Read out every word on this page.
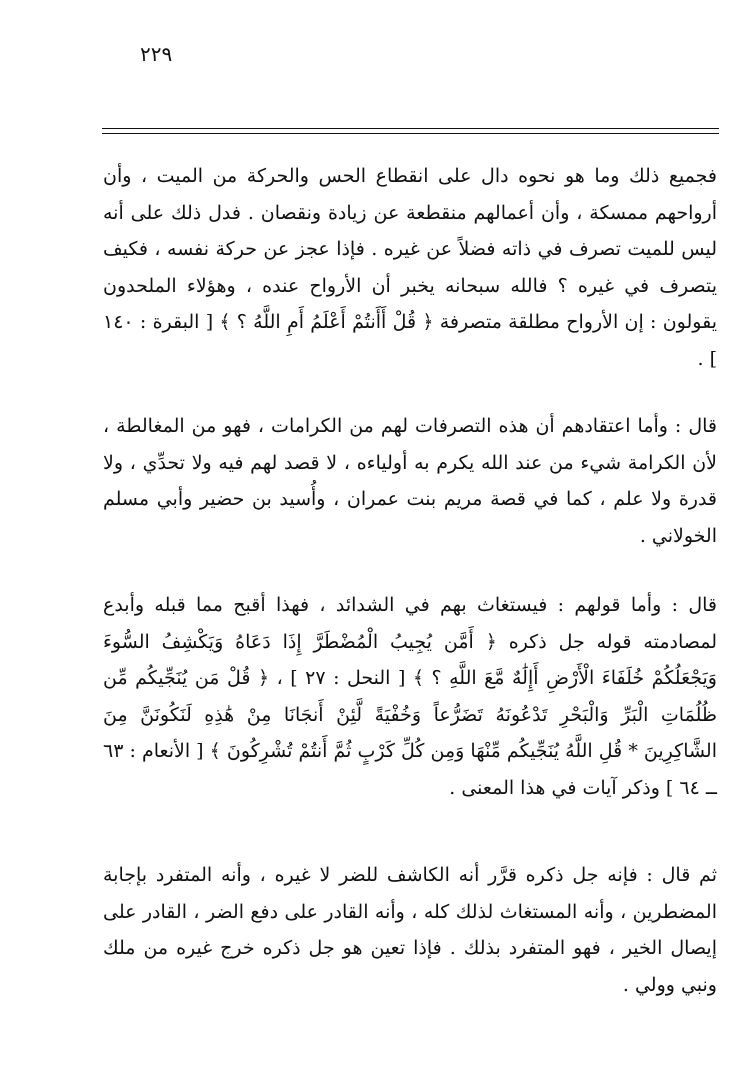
٢٢٩

فجميع ذلك وما هو نحوه دال على انقطاع الحس والحركة من الميت ، وأن أرواحهم ممسكة ، وأن أعمالهم منقطعة عن زيادة ونقصان . فدل ذلك على أنه ليس للميت تصرف في ذاته فضلاً عن غيره . فإذا عجز عن حركة نفسه ، فكيف يتصرف في غيره ؟ فالله سبحانه يخبر أن الأرواح عنده ، وهؤلاء الملحدون يقولون : إن الأرواح مطلقة متصرفة ﴿ قُلْ أَأَنتُمْ أَعْلَمُ أَمِ اللَّهُ ؟ ﴾ [ البقرة : ١٤٠ ] .

قال : وأما اعتقادهم أن هذه التصرفات لهم من الكرامات ، فهو من المغالطة ، لأن الكرامة شيء من عند الله يكرم به أولياءه ، لا قصد لهم فيه ولا تحدِّي ، ولا قدرة ولا علم ، كما في قصة مريم بنت عمران ، وأُسيد بن حضير وأبي مسلم الخولاني .

قال : وأما قولهم : فيستغاث بهم في الشدائد ، فهذا أقبح مما قبله وأبدع لمصادمته قوله جل ذكره ﴿ أَمَّن يُجِيبُ الْمُضْطَرَّ إِذَا دَعَاهُ وَيَكْشِفُ السُّوءَ وَيَجْعَلُكُمْ خُلَفَاءَ الْأَرْضِ أَإِلَٰهٌ مَّعَ اللَّهِ ؟ ﴾ [ النحل : ٢٧ ] ، ﴿ قُلْ مَن يُنَجِّيكُم مِّن ظُلُمَاتِ الْبَرِّ وَالْبَحْرِ تَدْعُونَهُ تَضَرُّعاً وَخُفْيَةً لَّئِنْ أَنجَانَا مِنْ هَٰذِهِ لَنَكُونَنَّ مِنَ الشَّاكِرِينَ * قُلِ اللَّهُ يُنَجِّيكُم مِّنْهَا وَمِن كُلِّ كَرْبٍ ثُمَّ أَنتُمْ تُشْرِكُونَ ﴾ [ الأنعام : ٦٣ ــ ٦٤ ] وذكر آيات في هذا المعنى .

ثم قال : فإنه جل ذكره قرَّر أنه الكاشف للضر لا غيره ، وأنه المتفرد بإجابة المضطرين ، وأنه المستغاث لذلك كله ، وأنه القادر على دفع الضر ، القادر على إيصال الخير ، فهو المتفرد بذلك . فإذا تعين هو جل ذكره خرج غيره من ملك ونبي وولي .
